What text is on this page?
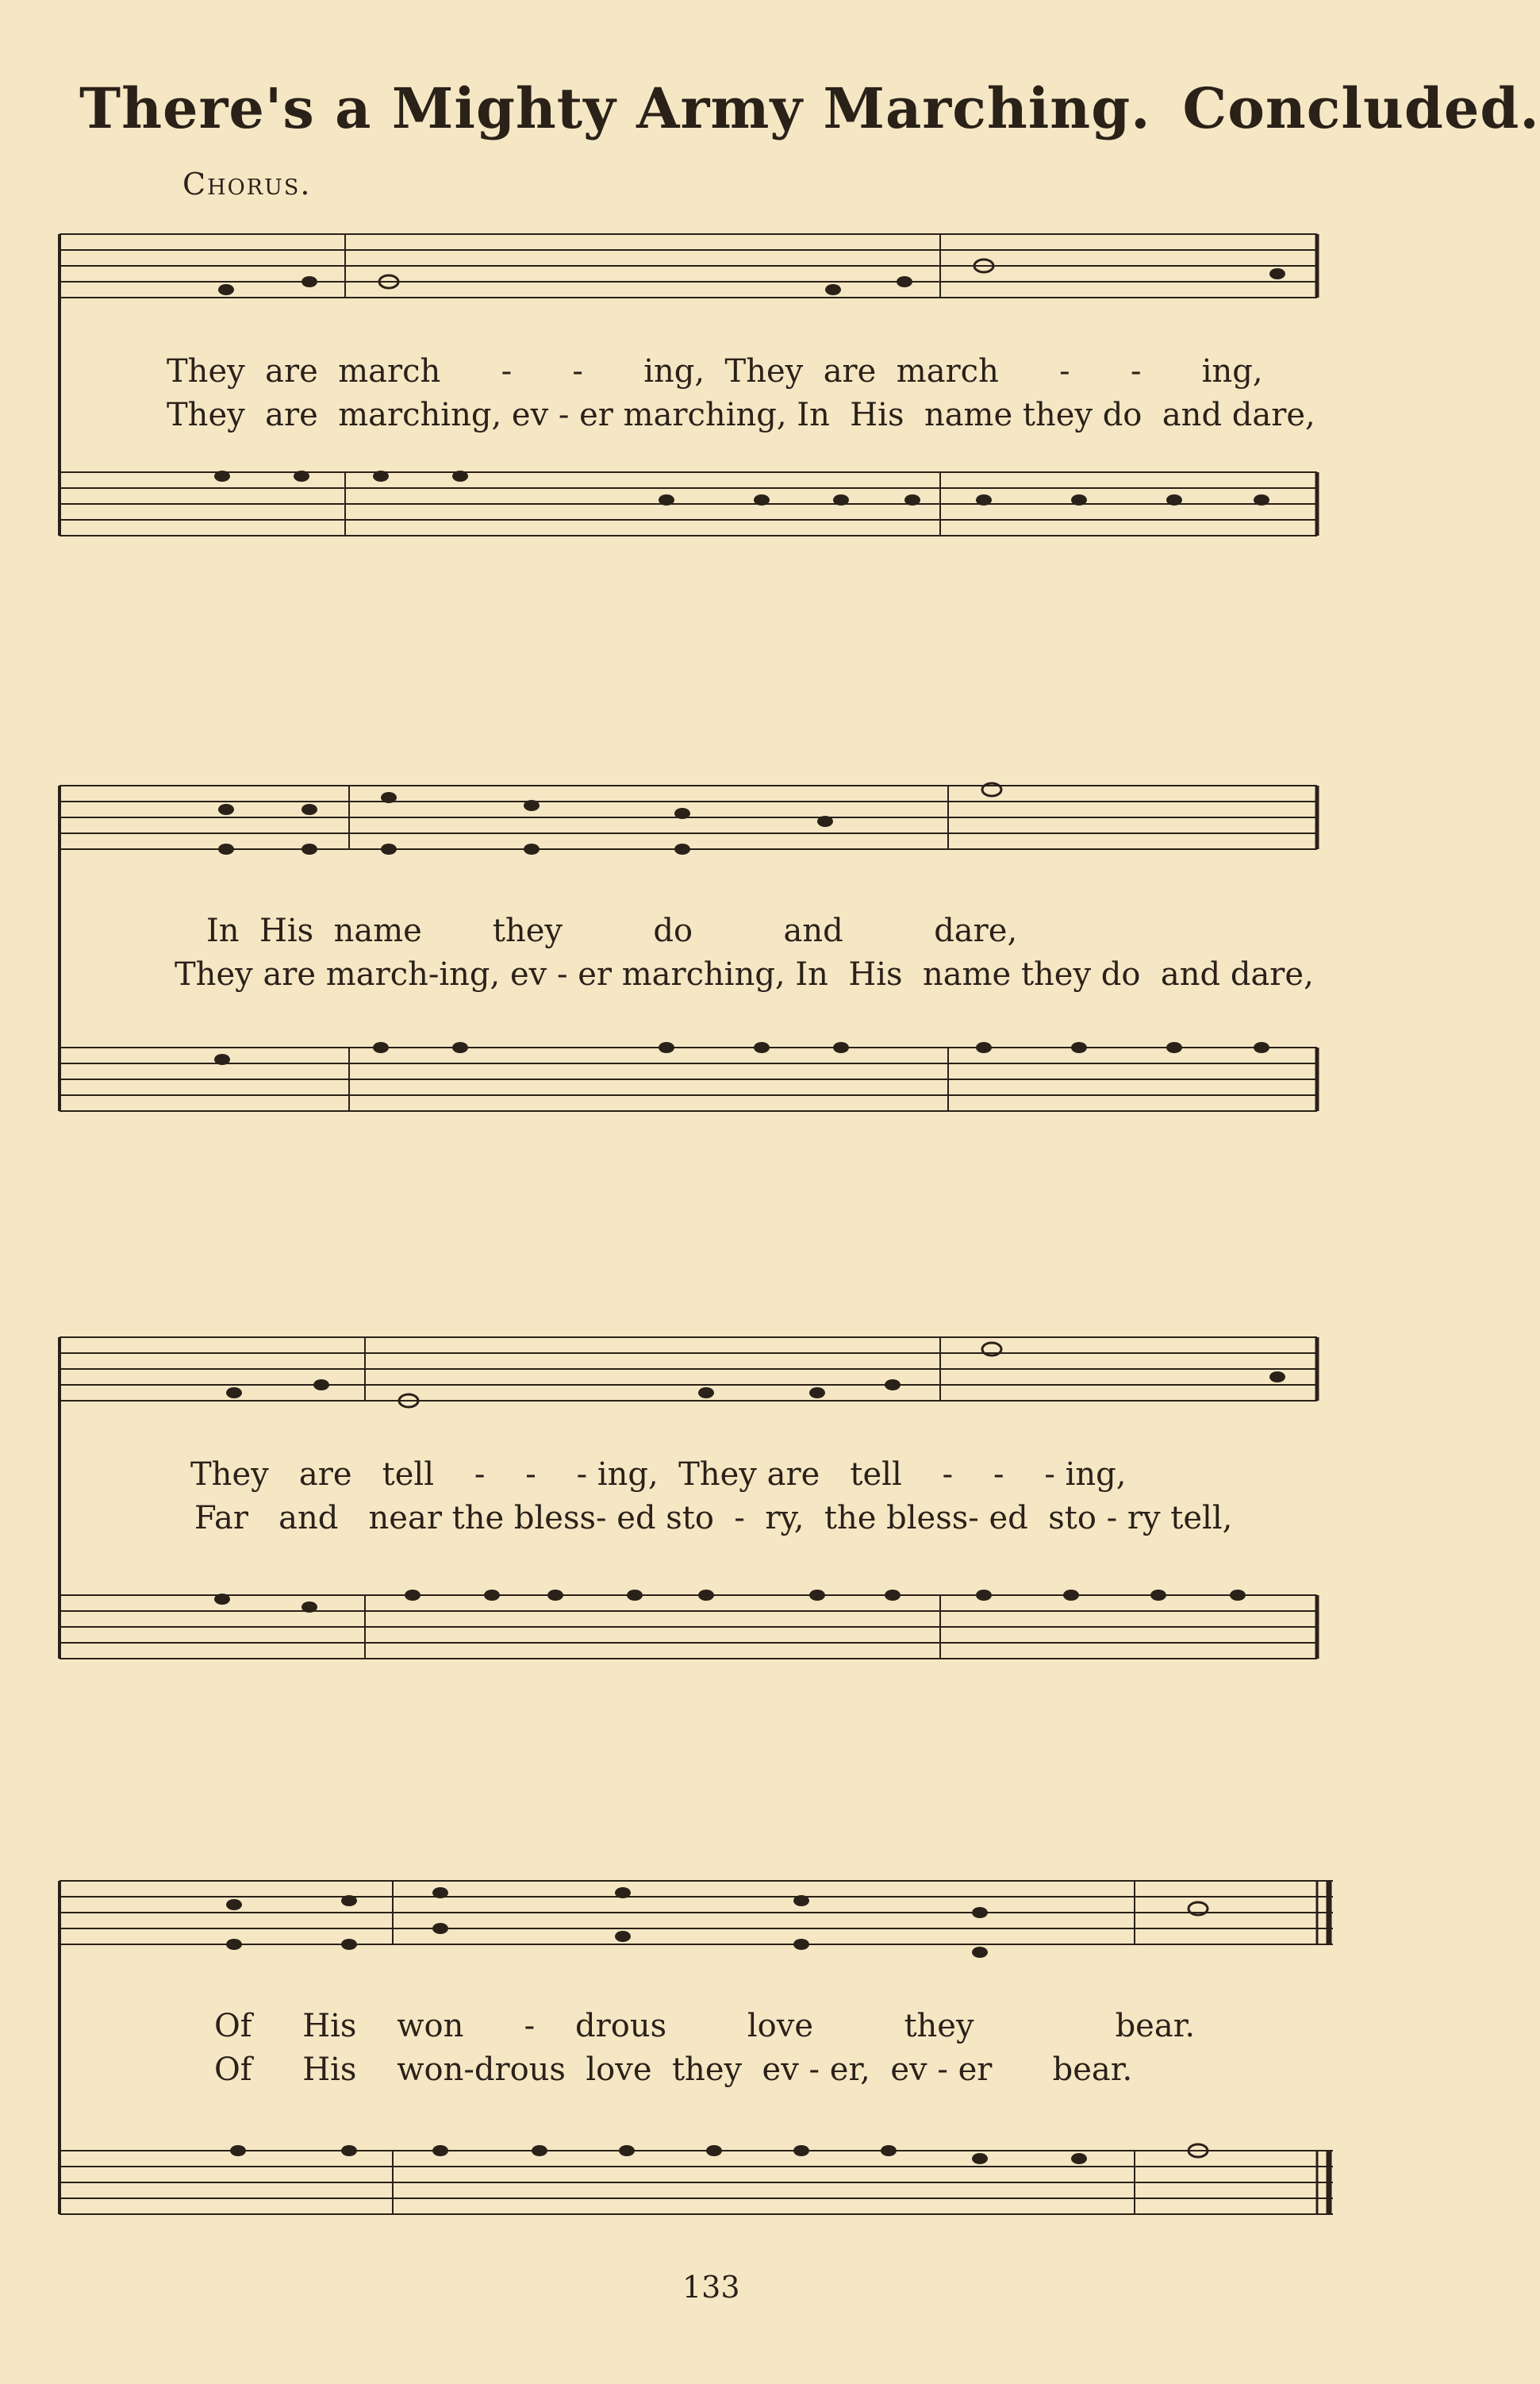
There's a Mighty Army Marching. Concluded.
Chorus.
They are march - - ing, They are march - - ing,
They are marching, ev - er marching, In His name they do and dare,
In His name they	do	and	dare,
They are march-ing, ev - er marching, In His name they do and dare,
They are tell - - - ing, They are tell - - - ing,
Far and near the bless- ed sto - ry, the bless- ed sto - ry tell,
Of His won - drous	love	they	bear.
Of His won-drous love they ev - er, ev - er bear.
133
